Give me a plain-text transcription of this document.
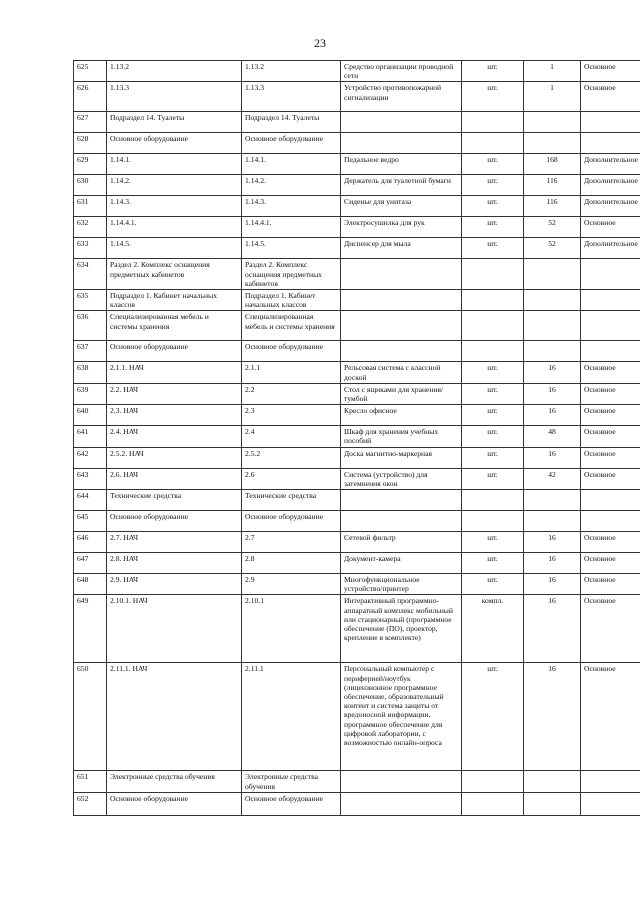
23
625	1.13.2	1.13.2	Средство организации проводной сети	шт.	1	Основное
626	1.13.3	1.13.3	Устройство противопожарной сигнализации	шт.	1	Основное
627	Подраздел 14. Туалеты	Подраздел 14. Туалеты				
628	Основное оборудование	Основное оборудование				
629	1.14.1.	1.14.1.	Педальное ведро	шт.	168	Дополнительное
630	1.14.2.	1.14.2.	Держатель для туалетной бумаги	шт.	116	Дополнительное
631	1.14.3.	1.14.3.	Сиденье для унитаза	шт.	116	Дополнительное
632	1.14.4.1.	1.14.4.1.	Электросушилка для рук	шт.	52	Основное
633	1.14.5.	1.14.5.	Диспенсер для мыла	шт.	52	Дополнительное
634	Раздел 2. Комплекс оснащения предметных кабинетов	Раздел 2. Комплекс оснащения предметных кабинетов				
635	Подраздел 1. Кабинет начальных классов	Подраздел 1. Кабинет начальных классов				
636	Специализированная мебель и системы хранения	Специализированная мебель и системы хранения				
637	Основное оборудование	Основное оборудование				
638	2.1.1. НАЧ	2.1.1	Рельсовая система с классной доской	шт.	16	Основное
639	2.2. НАЧ	2.2	Стол с ящиками для хранения/тумбой	шт.	16	Основное
640	2.3. НАЧ	2.3	Кресло офисное	шт.	16	Основное
641	2.4. НАЧ	2.4	Шкаф для хранения учебных пособий	шт.	48	Основное
642	2.5.2. НАЧ	2.5.2	Доска магнитно-маркерная	шт.	16	Основное
643	2.6. НАЧ	2.6	Система (устройство) для затемнения окон	шт.	42	Основное
644	Технические средства	Технические средства				
645	Основное оборудование	Основное оборудование				
646	2.7. НАЧ	2.7	Сетевой фильтр	шт.	16	Основное
647	2.8. НАЧ	2.8	Документ-камера	шт.	16	Основное
648	2.9. НАЧ	2.9	Многофункциональное устройство/принтер	шт.	16	Основное
649	2.10.1. НАЧ	2.10.1	Интерактивный программно-аппаратный комплекс мобильный или стационарный (программное обеспечение (ПО), проектор, крепление в комплекте)	компл.	16	Основное
650	2.11.1. НАЧ	2.11.1	Персональный компьютер с периферией/ноутбук (лицензионное программное обеспечение, образовательный контент и система защиты от вредоносной информации, программное обеспечение для цифровой лаборатории, с возможностью онлайн-опроса	шт.	16	Основное
651	Электронные средства обучения	Электронные средства обучения				
652	Основное оборудование	Основное оборудование				
